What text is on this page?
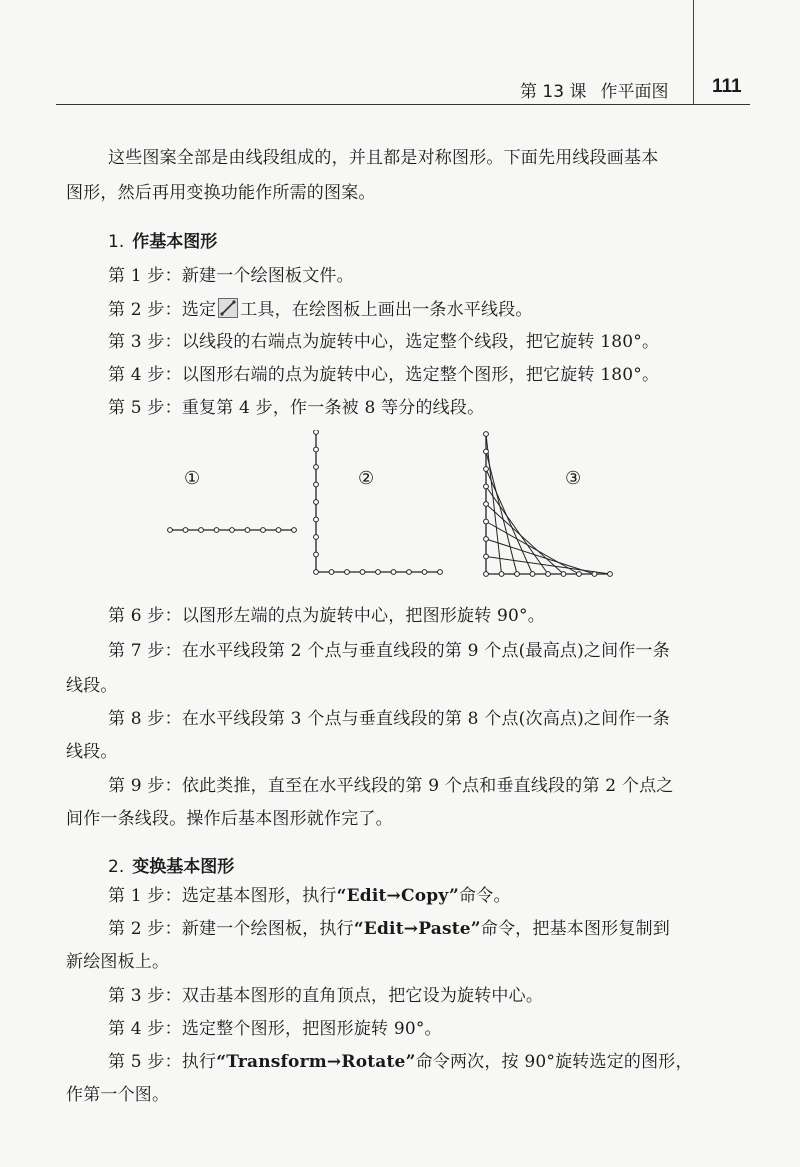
第 13 课 作平面图 111
这些图案全部是由线段组成的，并且都是对称图形。下面先用线段画基本
图形，然后再用变换功能作所需的图案。
1. 作基本图形
第 1 步：新建一个绘图板文件。
第 2 步：选定 工具，在绘图板上画出一条水平线段。
第 3 步：以线段的右端点为旋转中心，选定整个线段，把它旋转 180°。
第 4 步：以图形右端的点为旋转中心，选定整个图形，把它旋转 180°。
第 5 步：重复第 4 步，作一条被 8 等分的线段。
①	②	③
第 6 步：以图形左端的点为旋转中心，把图形旋转 90°。
第 7 步：在水平线段第 2 个点与垂直线段的第 9 个点(最高点)之间作一条
线段。
第 8 步：在水平线段第 3 个点与垂直线段的第 8 个点(次高点)之间作一条
线段。
第 9 步：依此类推，直至在水平线段的第 9 个点和垂直线段的第 2 个点之
间作一条线段。操作后基本图形就作完了。
2. 变换基本图形
第 1 步：选定基本图形，执行“Edit→Copy”命令。
第 2 步：新建一个绘图板，执行“Edit→Paste”命令，把基本图形复制到
新绘图板上。
第 3 步：双击基本图形的直角顶点，把它设为旋转中心。
第 4 步：选定整个图形，把图形旋转 90°。
第 5 步：执行“Transform→Rotate”命令两次，按 90°旋转选定的图形，
作第一个图。
